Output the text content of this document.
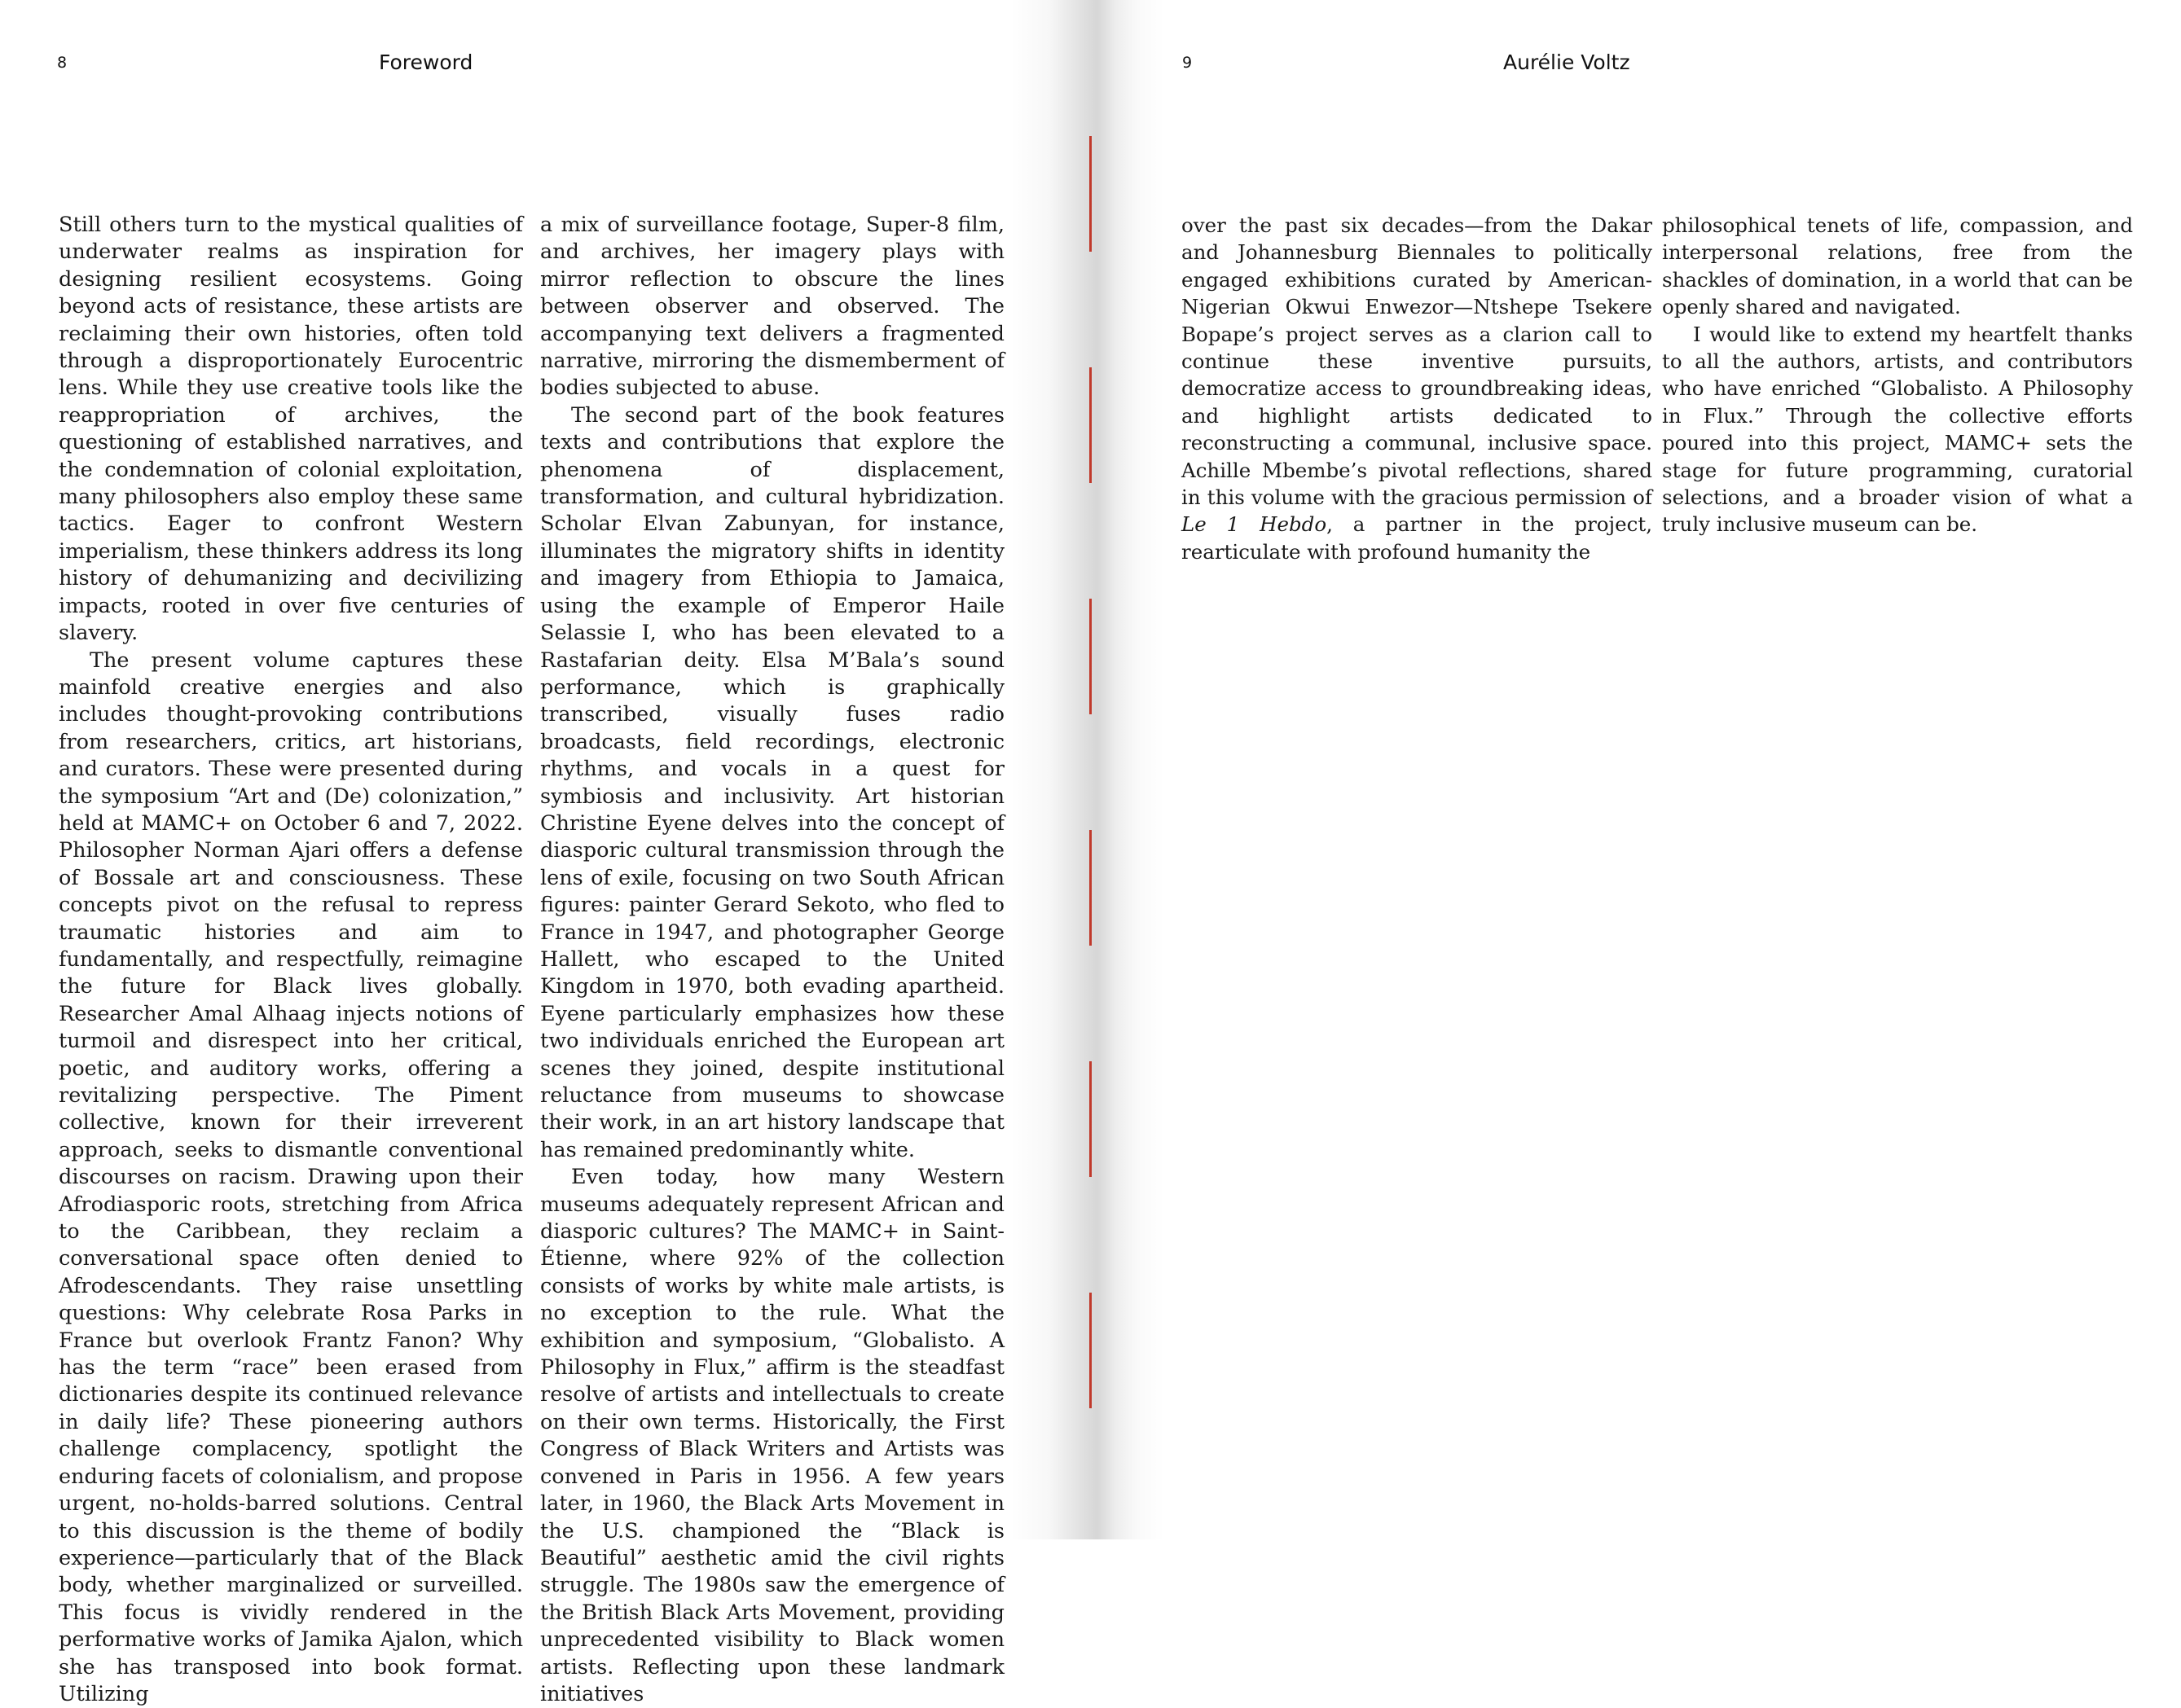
8	Foreword

Still others turn to the mystical qualities of underwater realms as inspiration for designing resilient ecosystems. Going beyond acts of resistance, these artists are reclaiming their own histories, often told through a disproportionately Eurocentric lens. While they use creative tools like the reappropriation of archives, the questioning of established narratives, and the condemnation of colonial exploitation, many philosophers also employ these same tactics. Eager to confront Western imperialism, these thinkers address its long history of dehumanizing and decivilizing impacts, rooted in over five centuries of slavery.

The present volume captures these mainfold creative energies and also includes thought-provoking contributions from researchers, critics, art historians, and curators. These were presented during the symposium “Art and (De) colonization,” held at MAMC+ on October 6 and 7, 2022. Philosopher Norman Ajari offers a defense of Bossale art and consciousness. These concepts pivot on the refusal to repress traumatic histories and aim to fundamentally, and respectfully, reimagine the future for Black lives globally. Researcher Amal Alhaag injects notions of turmoil and disrespect into her critical, poetic, and auditory works, offering a revitalizing perspective. The Piment collective, known for their irreverent approach, seeks to dismantle conventional discourses on racism. Drawing upon their Afrodiasporic roots, stretching from Africa to the Caribbean, they reclaim a conversational space often denied to Afrodescendants. They raise unsettling questions: Why celebrate Rosa Parks in France but overlook Frantz Fanon? Why has the term “race” been erased from dictionaries despite its continued relevance in daily life? These pioneering authors challenge complacency, spotlight the enduring facets of colonialism, and propose urgent, no-holds-barred solutions. Central to this discussion is the theme of bodily experience—particularly that of the Black body, whether marginalized or surveilled. This focus is vividly rendered in the performative works of Jamika Ajalon, which she has transposed into book format. Utilizing

a mix of surveillance footage, Super-8 film, and archives, her imagery plays with mirror reflection to obscure the lines between observer and observed. The accompanying text delivers a fragmented narrative, mirroring the dismemberment of bodies subjected to abuse.

The second part of the book features texts and contributions that explore the phenomena of displacement, transformation, and cultural hybridization. Scholar Elvan Zabunyan, for instance, illuminates the migratory shifts in identity and imagery from Ethiopia to Jamaica, using the example of Emperor Haile Selassie I, who has been elevated to a Rastafarian deity. Elsa M’Bala’s sound performance, which is graphically transcribed, visually fuses radio broadcasts, field recordings, electronic rhythms, and vocals in a quest for symbiosis and inclusivity. Art historian Christine Eyene delves into the concept of diasporic cultural transmission through the lens of exile, focusing on two South African figures: painter Gerard Sekoto, who fled to France in 1947, and photographer George Hallett, who escaped to the United Kingdom in 1970, both evading apartheid. Eyene particularly emphasizes how these two individuals enriched the European art scenes they joined, despite institutional reluctance from museums to showcase their work, in an art history landscape that has remained predominantly white.

Even today, how many Western museums adequately represent African and diasporic cultures? The MAMC+ in Saint-Étienne, where 92% of the collection consists of works by white male artists, is no exception to the rule. What the exhibition and symposium, “Globalisto. A Philosophy in Flux,” affirm is the steadfast resolve of artists and intellectuals to create on their own terms. Historically, the First Congress of Black Writers and Artists was convened in Paris in 1956. A few years later, in 1960, the Black Arts Movement in the U.S. championed the “Black is Beautiful” aesthetic amid the civil rights struggle. The 1980s saw the emergence of the British Black Arts Movement, providing unprecedented visibility to Black women artists. Reflecting upon these landmark initiatives

9	Aurélie Voltz

over the past six decades—from the Dakar and Johannesburg Biennales to politically engaged exhibitions curated by American-Nigerian Okwui Enwezor—Ntshepe Tsekere Bopape’s project serves as a clarion call to continue these inventive pursuits, democratize access to groundbreaking ideas, and highlight artists dedicated to reconstructing a communal, inclusive space. Achille Mbembe’s pivotal reflections, shared in this volume with the gracious permission of Le 1 Hebdo, a partner in the project, rearticulate with profound humanity the

philosophical tenets of life, compassion, and interpersonal relations, free from the shackles of domination, in a world that can be openly shared and navigated.

I would like to extend my heartfelt thanks to all the authors, artists, and contributors who have enriched “Globalisto. A Philosophy in Flux.” Through the collective efforts poured into this project, MAMC+ sets the stage for future programming, curatorial selections, and a broader vision of what a truly inclusive museum can be.
